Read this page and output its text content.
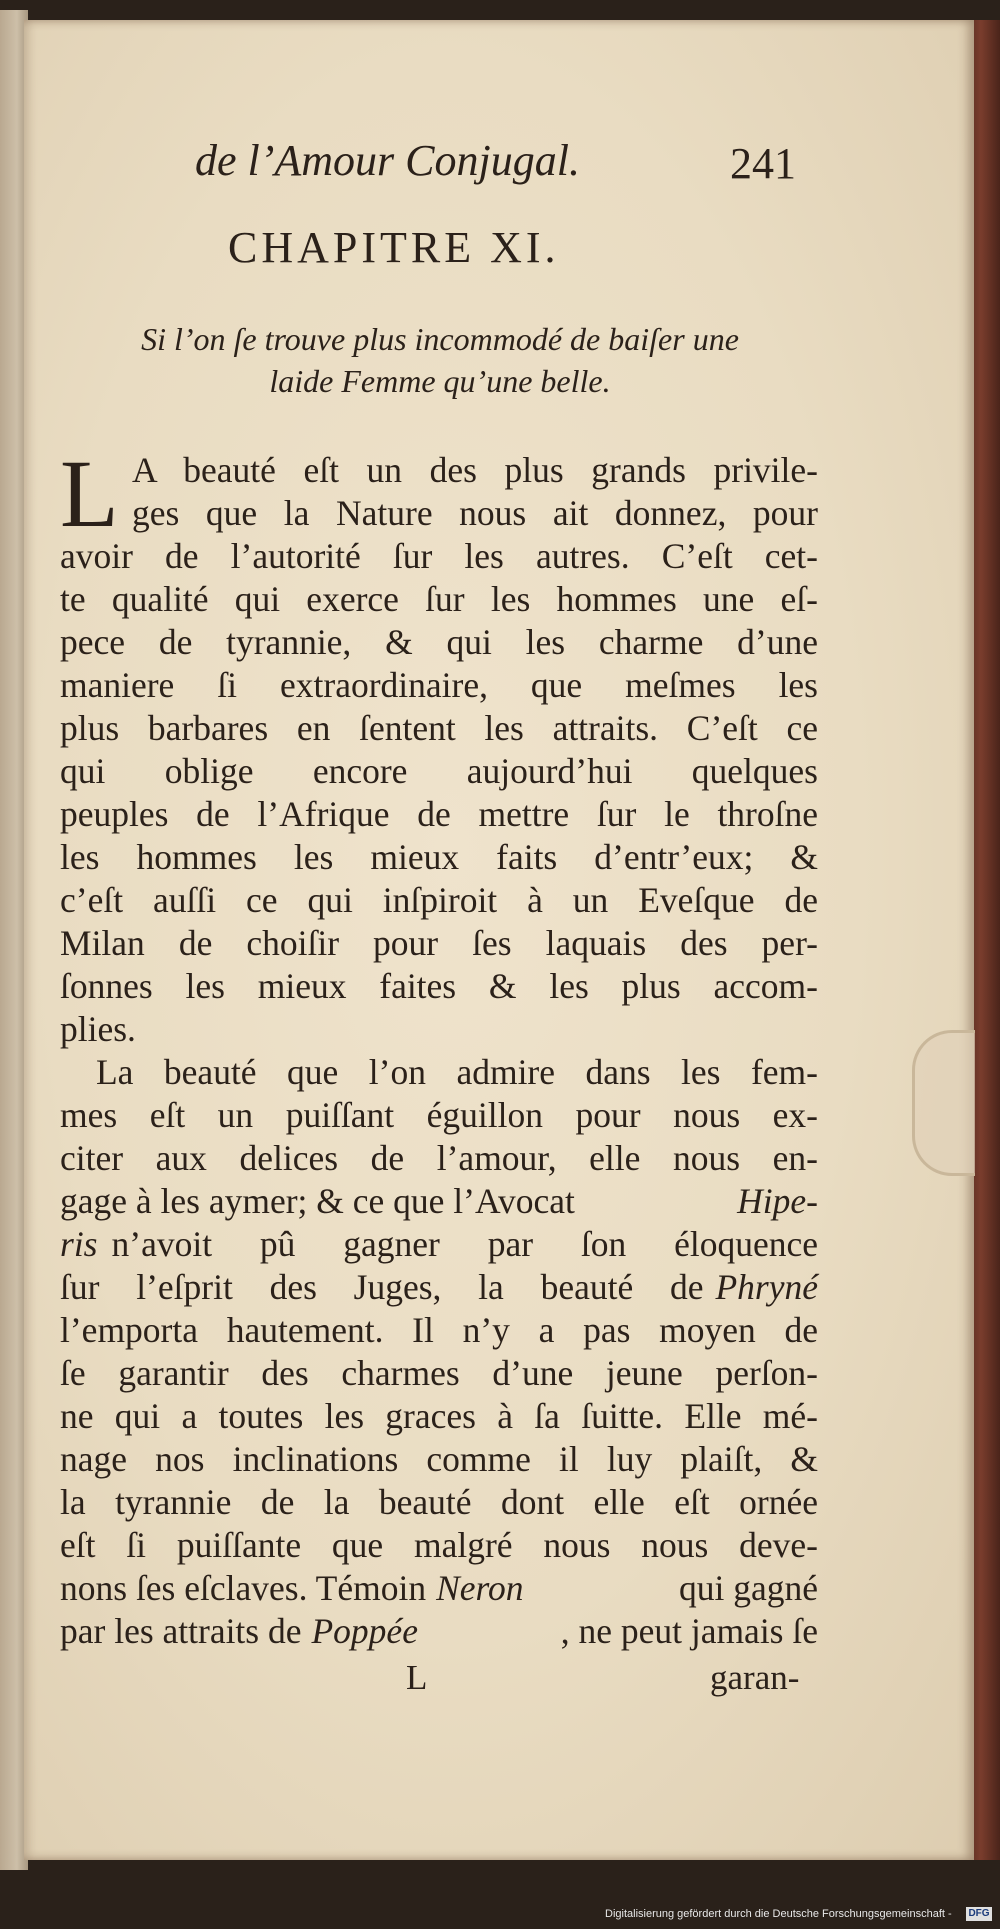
de l’Amour Conjugal.	241
CHAPITRE XI.
Si l’on ſe trouve plus incommodé de baiſer une
laide Femme qu’une belle.
L A beauté eſt un des plus grands privile-
ges que la Nature nous ait donnez, pour
avoir de l’autorité ſur les autres. C’eſt cet-
te qualité qui exerce ſur les hommes une eſ-
pece de tyrannie, & qui les charme d’une
maniere ſi extraordinaire, que meſmes les
plus barbares en ſentent les attraits. C’eſt ce
qui oblige encore aujourd’hui quelques
peuples de l’Afrique de mettre ſur le throſne
les hommes les mieux faits d’entr’eux; &
c’eſt auſſi ce qui inſpiroit à un Eveſque de
Milan de choiſir pour ſes laquais des per-
ſonnes les mieux faites & les plus accom-
plies.
La beauté que l’on admire dans les fem-
mes eſt un puiſſant éguillon pour nous ex-
citer aux delices de l’amour, elle nous en-
gage à les aymer; & ce que l’Avocat	Hipe-
ris n’avoit pû gagner par ſon éloquence
ſur l’eſprit des Juges, la beauté de Phryné
l’emporta hautement. Il n’y a pas moyen de
ſe garantir des charmes d’une jeune perſon-
ne qui a toutes les graces à ſa ſuitte. Elle mé-
nage nos inclinations comme il luy plaiſt, &
la tyrannie de la beauté dont elle eſt ornée
eſt ſi puiſſante que malgré nous nous deve-
nons ſes eſclaves. Témoin Neron	qui gagné
par les attraits de Poppée	, ne peut jamais ſe
L	garan-
Digitalisierung gefördert durch die Deutsche Forschungsgemeinschaft - DFG
